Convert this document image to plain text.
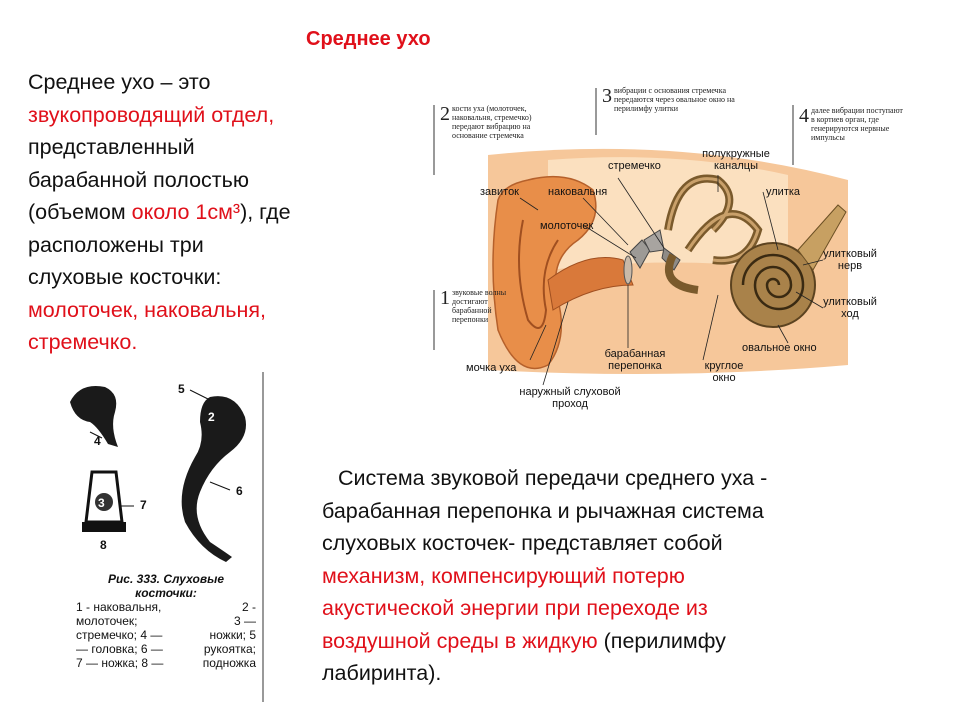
Среднее ухо
Среднее ухо – это
звукопроводящий отдел,
представленный
барабанной полостью
(объемом около 1см³), где
расположены три
слуховые косточки:
молоточек, наковальня,
стремечко.
стремечко
полукружные каналцы
завиток	наковальня	улитка
молоточек
улитковый нерв
улитковый ход
овальное окно
мочка уха
барабанная перепонка	круглое окно
наружный слуховой проход
2 кости уха (молоточек, наковальня, стремечко) передают вибрацию на основание стремечка
3 вибрации с основания стремечка передаются через овальное окно на перилимфу улитки	4 далее вибрации поступают в кортиев орган, где генерируются нервные импульсы
1 звуковые волны достигают барабанной перепонки
4
5
2
3	7
8
6
Рис. 333. Слуховые косточки:
1 - наковальня,	2 -
молоточек;	3 —
стремечко; 4 —	ножки; 5
— головка; 6 —	рукоятка;
7 — ножка; 8 —	подножка
Система звуковой передачи среднего уха -
барабанная перепонка и рычажная система
слуховых косточек- представляет собой
механизм, компенсирующий потерю
акустической энергии при переходе из
воздушной среды в жидкую (перилимфу
лабиринта).
